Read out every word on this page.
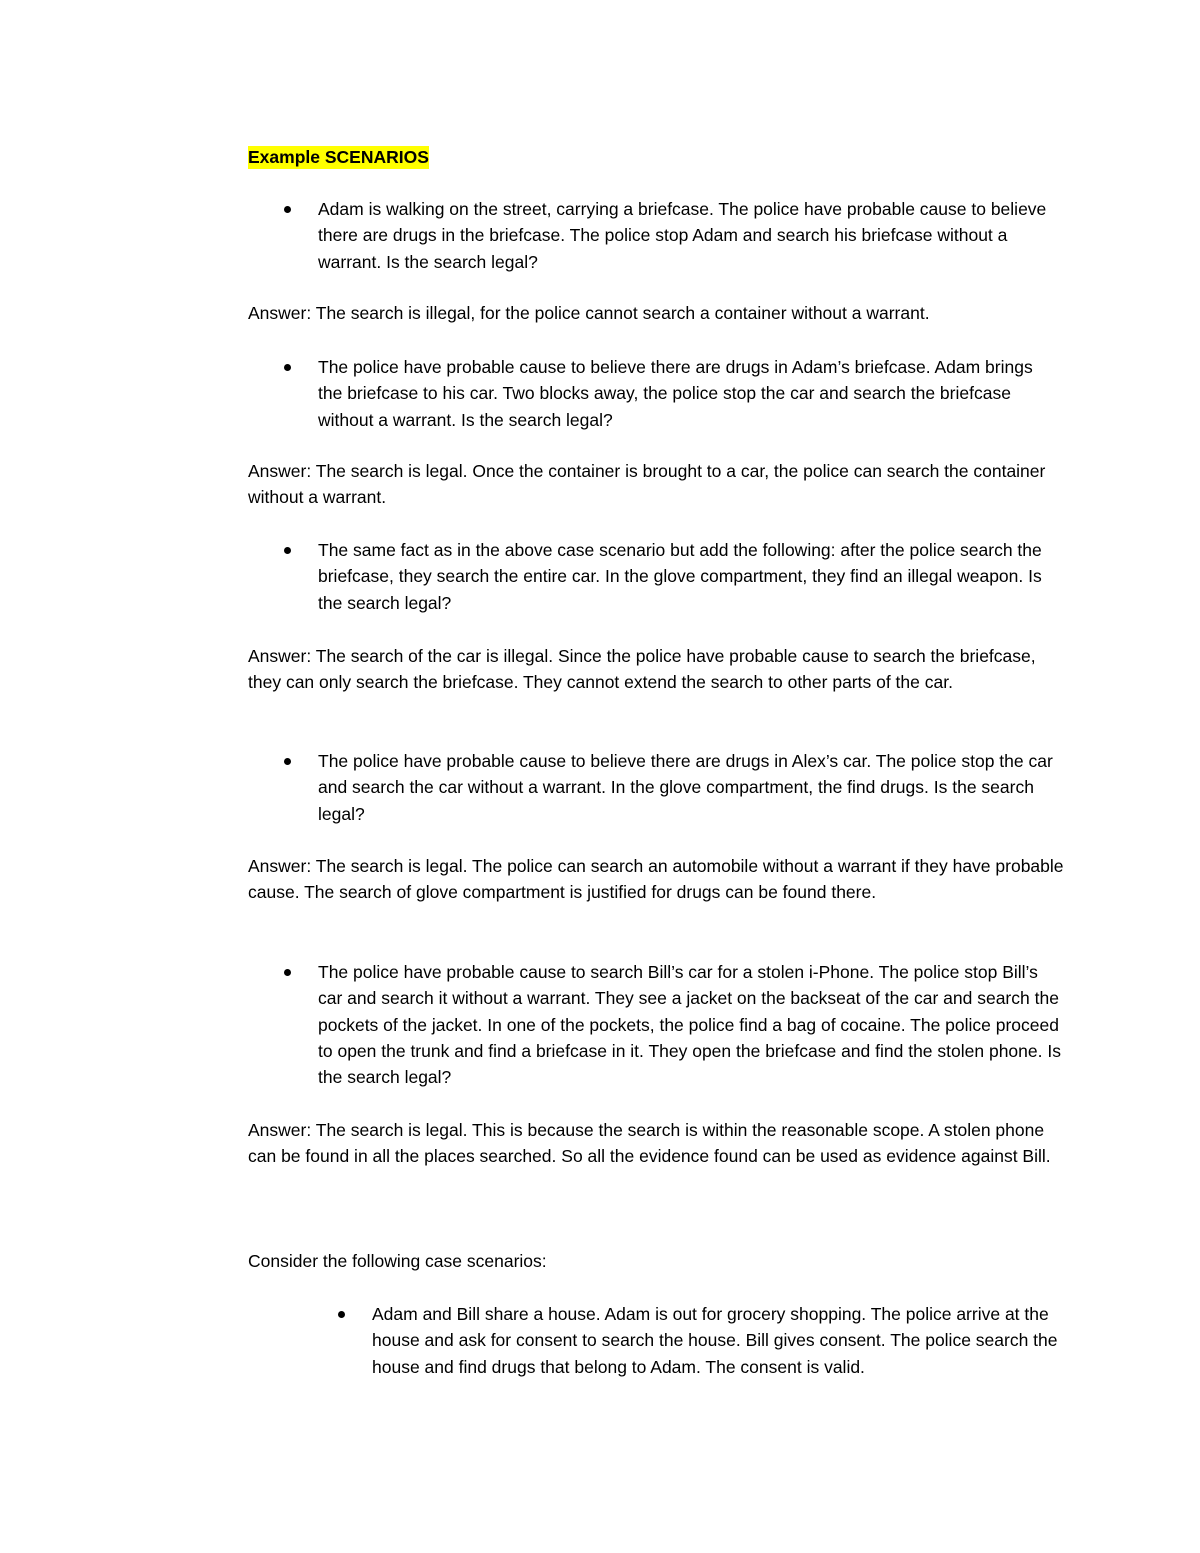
Example SCENARIOS

Adam is walking on the street, carrying a briefcase. The police have probable cause to believe there are drugs in the briefcase. The police stop Adam and search his briefcase without a warrant. Is the search legal?

Answer: The search is illegal, for the police cannot search a container without a warrant.

The police have probable cause to believe there are drugs in Adam’s briefcase. Adam brings the briefcase to his car. Two blocks away, the police stop the car and search the briefcase without a warrant. Is the search legal?

Answer: The search is legal. Once the container is brought to a car, the police can search the container without a warrant.

The same fact as in the above case scenario but add the following: after the police search the briefcase, they search the entire car. In the glove compartment, they find an illegal weapon. Is the search legal?

Answer: The search of the car is illegal. Since the police have probable cause to search the briefcase, they can only search the briefcase. They cannot extend the search to other parts of the car.

The police have probable cause to believe there are drugs in Alex’s car. The police stop the car and search the car without a warrant. In the glove compartment, the find drugs. Is the search legal?

Answer: The search is legal. The police can search an automobile without a warrant if they have probable cause. The search of glove compartment is justified for drugs can be found there.

The police have probable cause to search Bill’s car for a stolen i-Phone. The police stop Bill’s car and search it without a warrant. They see a jacket on the backseat of the car and search the pockets of the jacket. In one of the pockets, the police find a bag of cocaine. The police proceed to open the trunk and find a briefcase in it. They open the briefcase and find the stolen phone. Is the search legal?

Answer: The search is legal. This is because the search is within the reasonable scope. A stolen phone can be found in all the places searched. So all the evidence found can be used as evidence against Bill.

Consider the following case scenarios:

Adam and Bill share a house. Adam is out for grocery shopping. The police arrive at the house and ask for consent to search the house. Bill gives consent. The police search the house and find drugs that belong to Adam. The consent is valid.
